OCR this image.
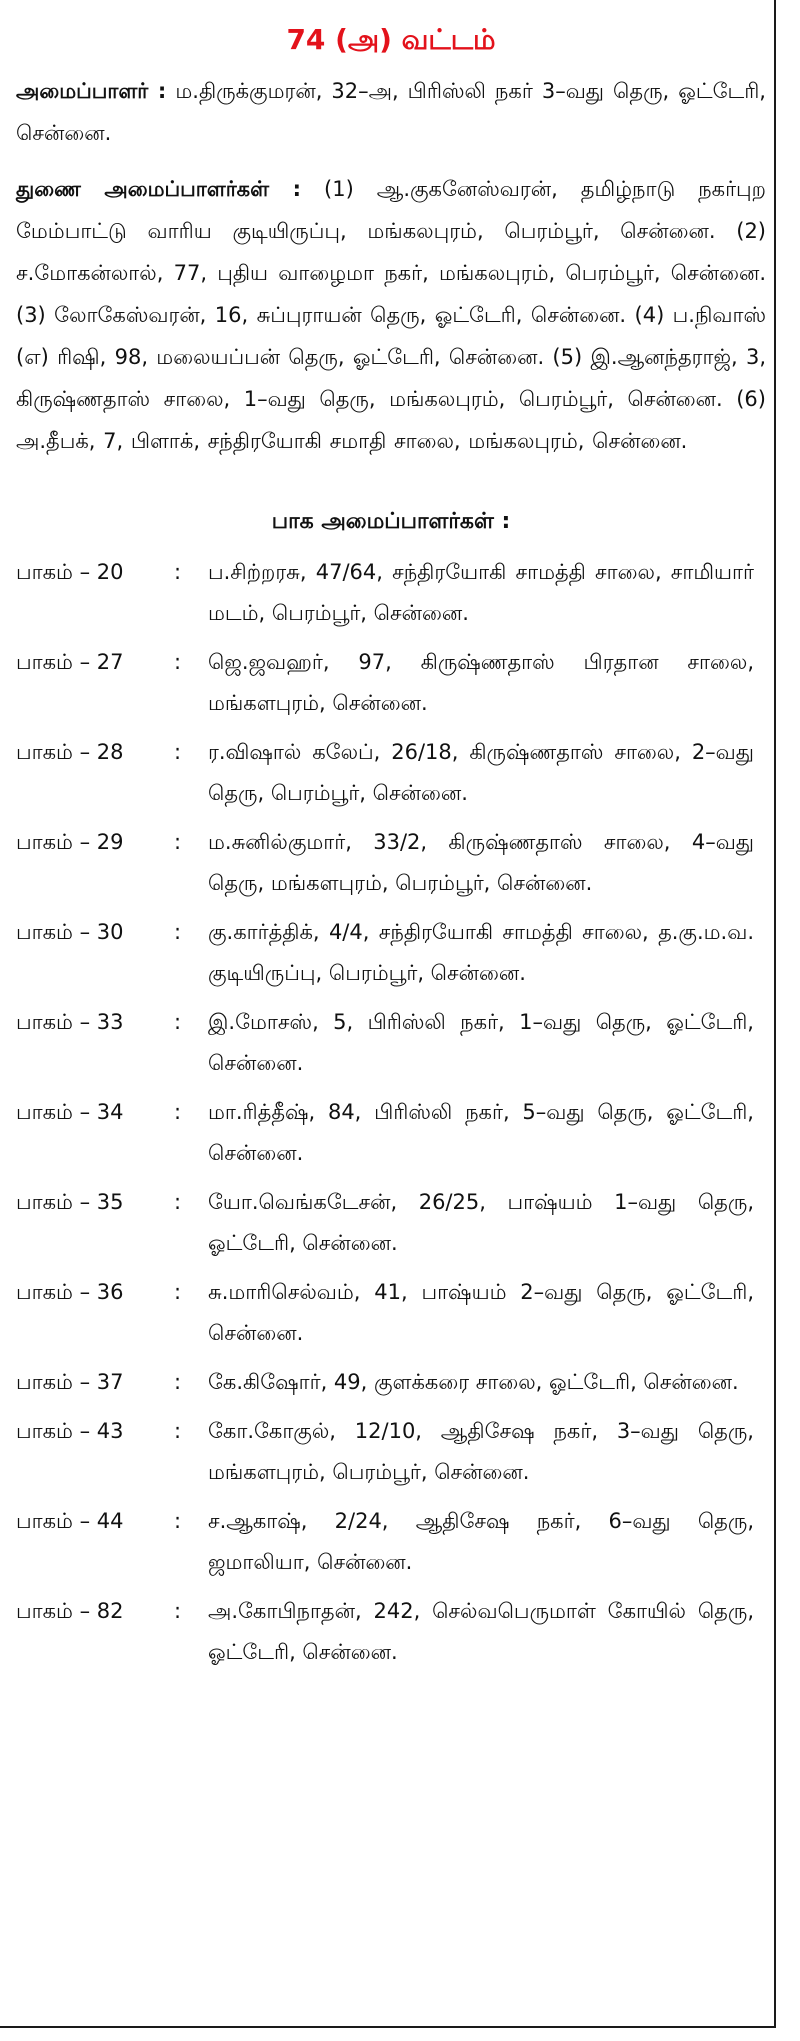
74 (அ) வட்டம்

அமைப்பாளர் : ம.திருக்குமரன், 32–அ, பிரிஸ்லி நகர் 3–வது தெரு, ஓட்டேரி, சென்னை.

துணை அமைப்பாளர்கள் : (1) ஆ.குகனேஸ்வரன், தமிழ்நாடு நகர்புற மேம்பாட்டு வாரிய குடியிருப்பு, மங்கலபுரம், பெரம்பூர், சென்னை. (2) ச.மோகன்லால், 77, புதிய வாழைமா நகர், மங்கலபுரம், பெரம்பூர், சென்னை. (3) லோகேஸ்வரன், 16, சுப்புராயன் தெரு, ஓட்டேரி, சென்னை. (4) ப.நிவாஸ் (எ) ரிஷி, 98, மலையப்பன் தெரு, ஓட்டேரி, சென்னை. (5) இ.ஆனந்தராஜ், 3, கிருஷ்ணதாஸ் சாலை, 1–வது தெரு, மங்கலபுரம், பெரம்பூர், சென்னை. (6) அ.தீபக், 7, பிளாக், சந்திரயோகி சமாதி சாலை, மங்கலபுரம், சென்னை.

பாக அமைப்பாளர்கள் :
பாகம் – 20	:	ப.சிற்றரசு, 47/64, சந்திரயோகி சாமத்தி சாலை, சாமியார் மடம், பெரம்பூர், சென்னை.
பாகம் – 27	:	ஜெ.ஜவஹர், 97, கிருஷ்ணதாஸ் பிரதான சாலை, மங்களபுரம், சென்னை.
பாகம் – 28	:	ர.விஷால் கலேப், 26/18, கிருஷ்ணதாஸ் சாலை, 2–வது தெரு, பெரம்பூர், சென்னை.
பாகம் – 29	:	ம.சுனில்குமார், 33/2, கிருஷ்ணதாஸ் சாலை, 4–வது தெரு, மங்களபுரம், பெரம்பூர், சென்னை.
பாகம் – 30	:	கு.கார்த்திக், 4/4, சந்திரயோகி சாமத்தி சாலை, த.கு.ம.வ. குடியிருப்பு, பெரம்பூர், சென்னை.
பாகம் – 33	:	இ.மோசஸ், 5, பிரிஸ்லி நகர், 1–வது தெரு, ஓட்டேரி, சென்னை.
பாகம் – 34	:	மா.ரித்தீஷ், 84, பிரிஸ்லி நகர், 5–வது தெரு, ஓட்டேரி, சென்னை.
பாகம் – 35	:	யோ.வெங்கடேசன், 26/25, பாஷ்யம் 1–வது தெரு, ஓட்டேரி, சென்னை.
பாகம் – 36	:	சு.மாரிசெல்வம், 41, பாஷ்யம் 2–வது தெரு, ஓட்டேரி, சென்னை.
பாகம் – 37	:	கே.கிஷோர், 49, குளக்கரை சாலை, ஓட்டேரி, சென்னை.
பாகம் – 43	:	கோ.கோகுல், 12/10, ஆதிசேஷ நகர், 3–வது தெரு, மங்களபுரம், பெரம்பூர், சென்னை.
பாகம் – 44	:	ச.ஆகாஷ், 2/24, ஆதிசேஷ நகர், 6–வது தெரு, ஜமாலியா, சென்னை.
பாகம் – 82	:	அ.கோபிநாதன், 242, செல்வபெருமாள் கோயில் தெரு, ஓட்டேரி, சென்னை.
